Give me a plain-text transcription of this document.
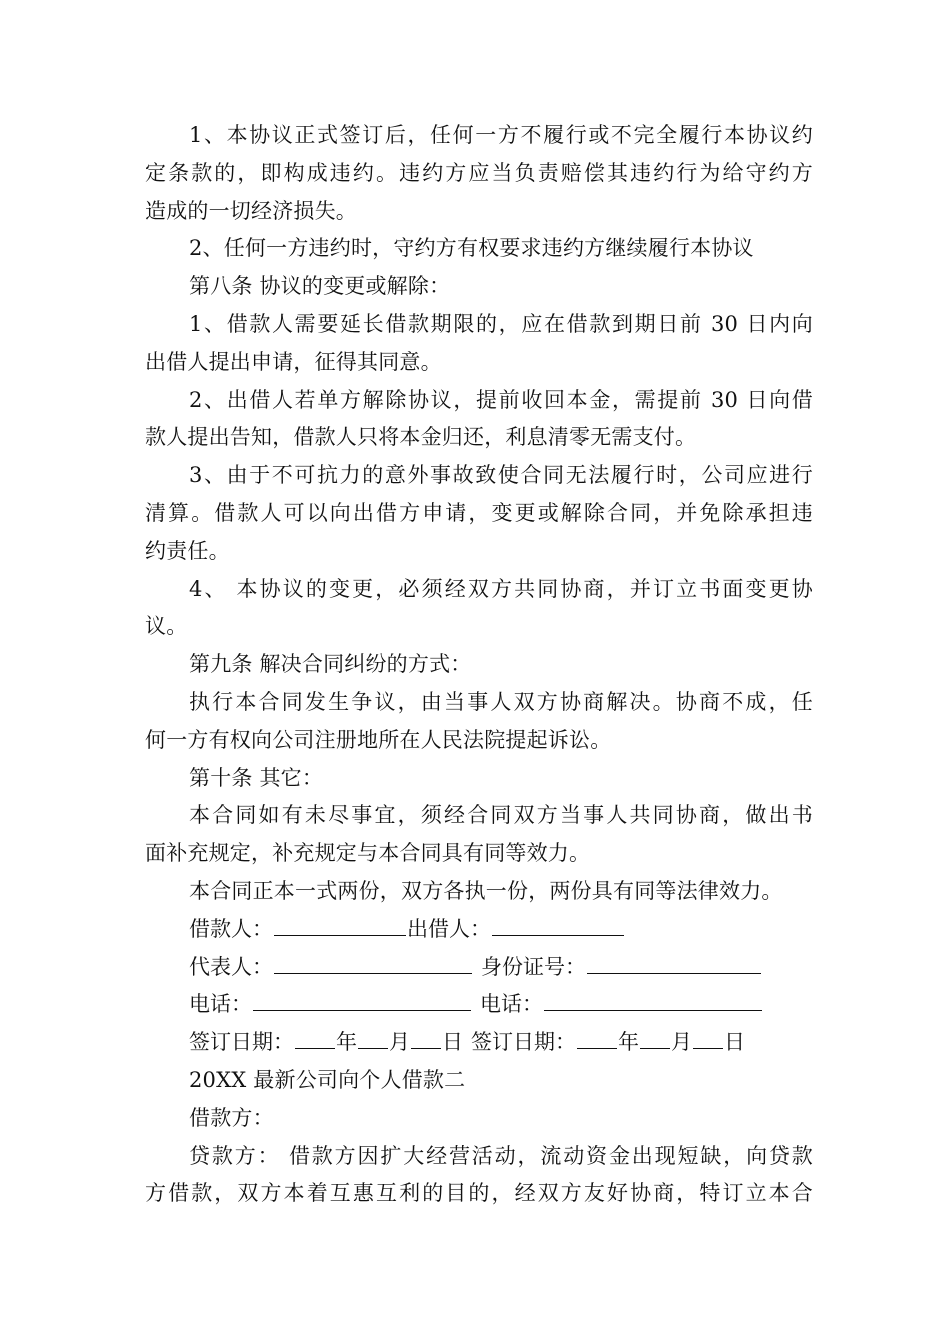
1、本协议正式签订后，任何一方不履行或不完全履行本协议约
定条款的，即构成违约。违约方应当负责赔偿其违约行为给守约方
造成的一切经济损失。
2、任何一方违约时，守约方有权要求违约方继续履行本协议
第八条 协议的变更或解除：
1、借款人需要延长借款期限的，应在借款到期日前 30 日内向
出借人提出申请，征得其同意。
2、出借人若单方解除协议，提前收回本金，需提前 30 日向借
款人提出告知，借款人只将本金归还，利息清零无需支付。
3、由于不可抗力的意外事故致使合同无法履行时，公司应进行
清算。借款人可以向出借方申请，变更或解除合同，并免除承担违
约责任。
4、 本协议的变更，必须经双方共同协商，并订立书面变更协
议。
第九条 解决合同纠纷的方式：
执行本合同发生争议，由当事人双方协商解决。协商不成，任
何一方有权向公司注册地所在人民法院提起诉讼。
第十条 其它：
本合同如有未尽事宜，须经合同双方当事人共同协商，做出书
面补充规定，补充规定与本合同具有同等效力。
本合同正本一式两份，双方各执一份，两份具有同等法律效力。
借款人：	出借人：
代表人：	身份证号：
电话：	电话：
签订日期： 年 月 日 签订日期： 年 月 日
20XX 最新公司向个人借款二
借款方：
贷款方： 借款方因扩大经营活动，流动资金出现短缺，向贷款
方借款，双方本着互惠互利的目的，经双方友好协商，特订立本合
